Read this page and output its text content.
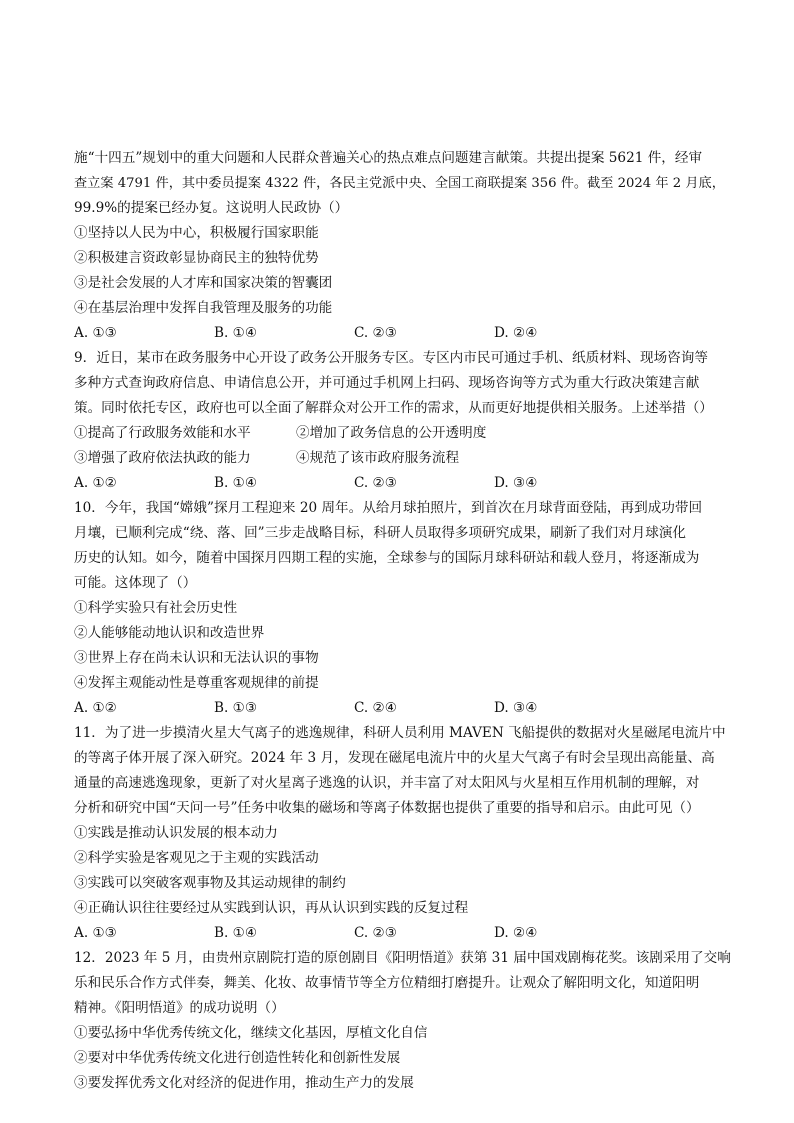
施“十四五”规划中的重大问题和人民群众普遍关心的热点难点问题建言献策。共提出提案 5621 件，经审
查立案 4791 件，其中委员提案 4322 件，各民主党派中央、全国工商联提案 356 件。截至 2024 年 2 月底，
99.9%的提案已经办复。这说明人民政协（）
①坚持以人民为中心，积极履行国家职能
②积极建言资政彰显协商民主的独特优势
③是社会发展的人才库和国家决策的智囊团
④在基层治理中发挥自我管理及服务的功能
A. ①③	B. ①④	C. ②③	D. ②④
9．近日，某市在政务服务中心开设了政务公开服务专区。专区内市民可通过手机、纸质材料、现场咨询等
多种方式查询政府信息、申请信息公开，并可通过手机网上扫码、现场咨询等方式为重大行政决策建言献
策。同时依托专区，政府也可以全面了解群众对公开工作的需求，从而更好地提供相关服务。上述举措（）
①提高了行政服务效能和水平	②增加了政务信息的公开透明度
③增强了政府依法执政的能力	④规范了该市政府服务流程
A. ①②	B. ①④	C. ②③	D. ③④
10．今年，我国“嫦娥”探月工程迎来 20 周年。从给月球拍照片，到首次在月球背面登陆，再到成功带回
月壤，已顺利完成“绕、落、回”三步走战略目标，科研人员取得多项研究成果，刷新了我们对月球演化
历史的认知。如今，随着中国探月四期工程的实施，全球参与的国际月球科研站和载人登月，将逐渐成为
可能。这体现了（）
①科学实验只有社会历史性
②人能够能动地认识和改造世界
③世界上存在尚未认识和无法认识的事物
④发挥主观能动性是尊重客观规律的前提
A. ①②	B. ①③	C. ②④	D. ③④
11．为了进一步摸清火星大气离子的逃逸规律，科研人员利用 MAVEN 飞船提供的数据对火星磁尾电流片中
的等离子体开展了深入研究。2024 年 3 月，发现在磁尾电流片中的火星大气离子有时会呈现出高能量、高
通量的高速逃逸现象，更新了对火星离子逃逸的认识，并丰富了对太阳风与火星相互作用机制的理解，对
分析和研究中国“天问一号”任务中收集的磁场和等离子体数据也提供了重要的指导和启示。由此可见（）
①实践是推动认识发展的根本动力
②科学实验是客观见之于主观的实践活动
③实践可以突破客观事物及其运动规律的制约
④正确认识往往要经过从实践到认识，再从认识到实践的反复过程
A. ①③	B. ①④	C. ②③	D. ②④
12．2023 年 5 月，由贵州京剧院打造的原创剧目《阳明悟道》获第 31 届中国戏剧梅花奖。该剧采用了交响
乐和民乐合作方式伴奏，舞美、化妆、故事情节等全方位精细打磨提升。让观众了解阳明文化，知道阳明
精神。《阳明悟道》的成功说明（）
①要弘扬中华优秀传统文化，继续文化基因，厚植文化自信
②要对中华优秀传统文化进行创造性转化和创新性发展
③要发挥优秀文化对经济的促进作用，推动生产力的发展
